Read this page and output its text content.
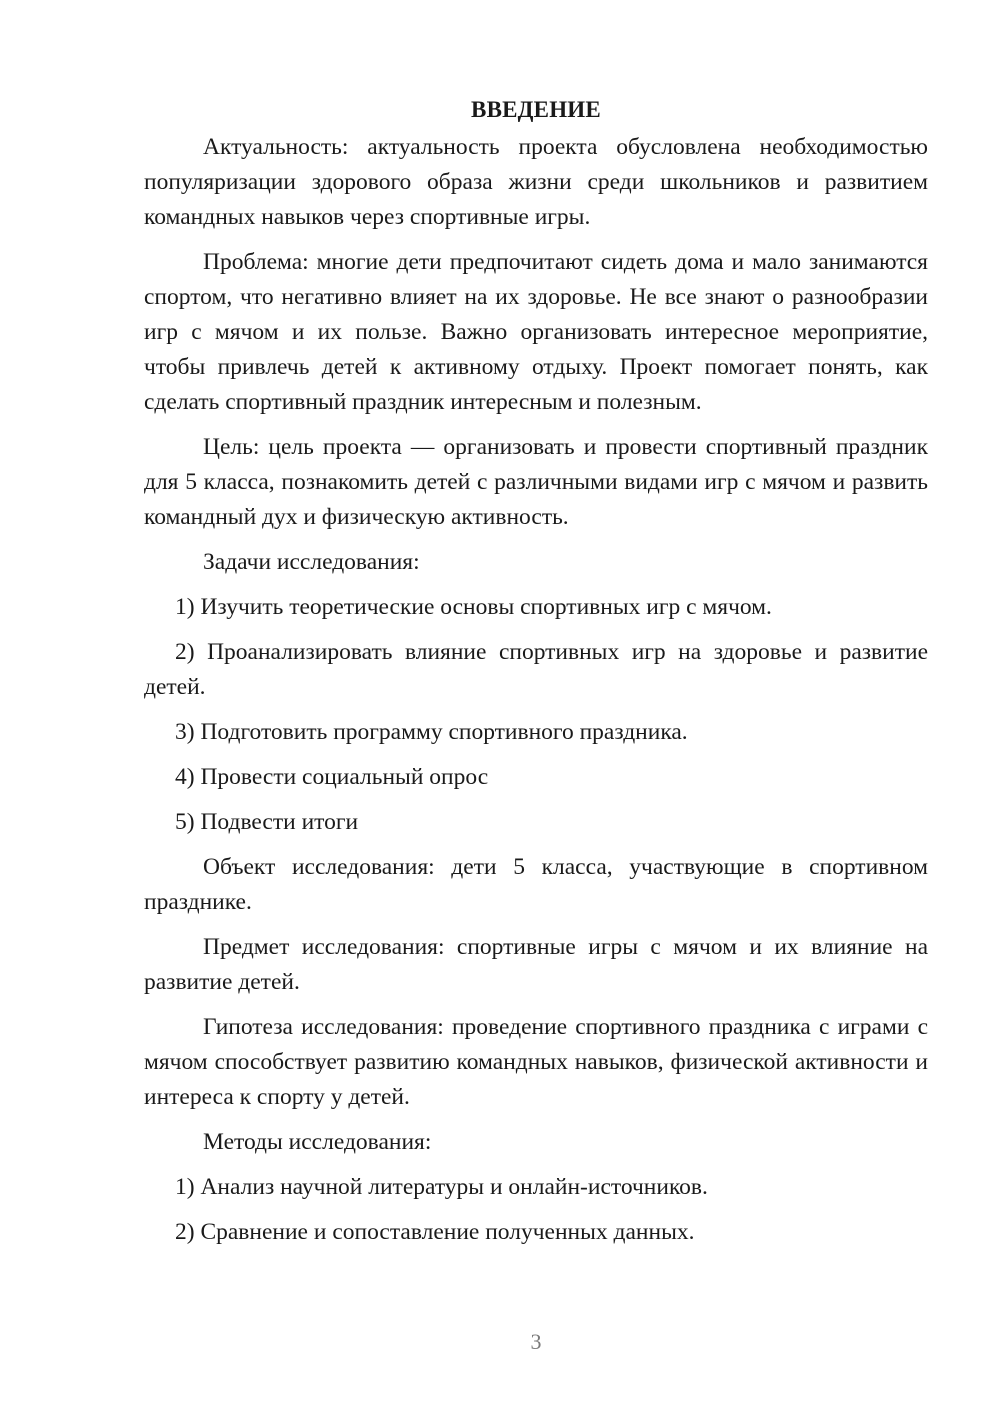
ВВЕДЕНИЕ

Актуальность: актуальность проекта обусловлена необходимостью популяризации здорового образа жизни среди школьников и развитием командных навыков через спортивные игры.

Проблема: многие дети предпочитают сидеть дома и мало занимаются спортом, что негативно влияет на их здоровье. Не все знают о разнообразии игр с мячом и их пользе. Важно организовать интересное мероприятие, чтобы привлечь детей к активному отдыху. Проект помогает понять, как сделать спортивный праздник интересным и полезным.

Цель: цель проекта — организовать и провести спортивный праздник для 5 класса, познакомить детей с различными видами игр с мячом и развить командный дух и физическую активность.

Задачи исследования:

1) Изучить теоретические основы спортивных игр с мячом.

2) Проанализировать влияние спортивных игр на здоровье и развитие детей.

3) Подготовить программу спортивного праздника.

4) Провести социальный опрос

5) Подвести итоги

Объект исследования: дети 5 класса, участвующие в спортивном празднике.

Предмет исследования: спортивные игры с мячом и их влияние на развитие детей.

Гипотеза исследования: проведение спортивного праздника с играми с мячом способствует развитию командных навыков, физической активности и интереса к спорту у детей.

Методы исследования:

1) Анализ научной литературы и онлайн-источников.

2) Сравнение и сопоставление полученных данных.

3
